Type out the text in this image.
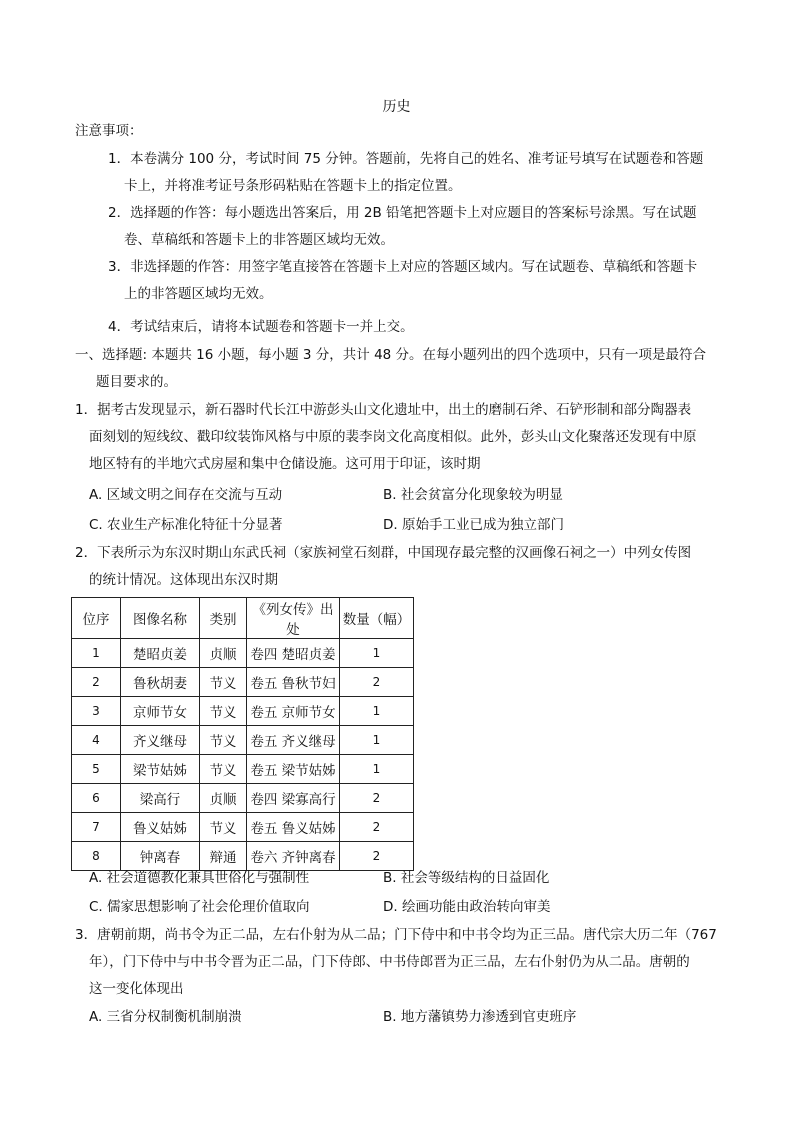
历史
注意事项：
1．本卷满分 100 分，考试时间 75 分钟。答题前，先将自己的姓名、准考证号填写在试题卷和答题
卡上，并将准考证号条形码粘贴在答题卡上的指定位置。
2．选择题的作答：每小题选出答案后，用 2B 铅笔把答题卡上对应题目的答案标号涂黑。写在试题
卷、草稿纸和答题卡上的非答题区域均无效。
3．非选择题的作答：用签字笔直接答在答题卡上对应的答题区域内。写在试题卷、草稿纸和答题卡
上的非答题区域均无效。
4．考试结束后，请将本试题卷和答题卡一并上交。
一、选择题: 本题共 16 小题，每小题 3 分，共计 48 分。在每小题列出的四个选项中，只有一项是最符合
题目要求的。
1．据考古发现显示，新石器时代长江中游彭头山文化遗址中，出土的磨制石斧、石铲形制和部分陶器表
面刻划的短线纹、戳印纹装饰风格与中原的裴李岗文化高度相似。此外，彭头山文化聚落还发现有中原
地区特有的半地穴式房屋和集中仓储设施。这可用于印证，该时期
A. 区域文明之间存在交流与互动	B. 社会贫富分化现象较为明显
C. 农业生产标准化特征十分显著	D. 原始手工业已成为独立部门
2．下表所示为东汉时期山东武氏祠（家族祠堂石刻群，中国现存最完整的汉画像石祠之一）中列女传图
的统计情况。这体现出东汉时期
位序	图像名称	类别	《列女传》出处	数量（幅）
1	楚昭贞姜	贞顺	卷四 楚昭贞姜	1
2	鲁秋胡妻	节义	卷五 鲁秋节妇	2
3	京师节女	节义	卷五 京师节女	1
4	齐义继母	节义	卷五 齐义继母	1
5	梁节姑姊	节义	卷五 梁节姑姊	1
6	梁高行	贞顺	卷四 梁寡高行	2
7	鲁义姑姊	节义	卷五 鲁义姑姊	2
8	钟离春	辩通	卷六 齐钟离春	2
A. 社会道德教化兼具世俗化与强制性	B. 社会等级结构的日益固化
C. 儒家思想影响了社会伦理价值取向	D. 绘画功能由政治转向审美
3．唐朝前期，尚书令为正二品，左右仆射为从二品；门下侍中和中书令均为正三品。唐代宗大历二年（767
年），门下侍中与中书令晋为正二品，门下侍郎、中书侍郎晋为正三品，左右仆射仍为从二品。唐朝的
这一变化体现出
A. 三省分权制衡机制崩溃	B. 地方藩镇势力渗透到官吏班序
